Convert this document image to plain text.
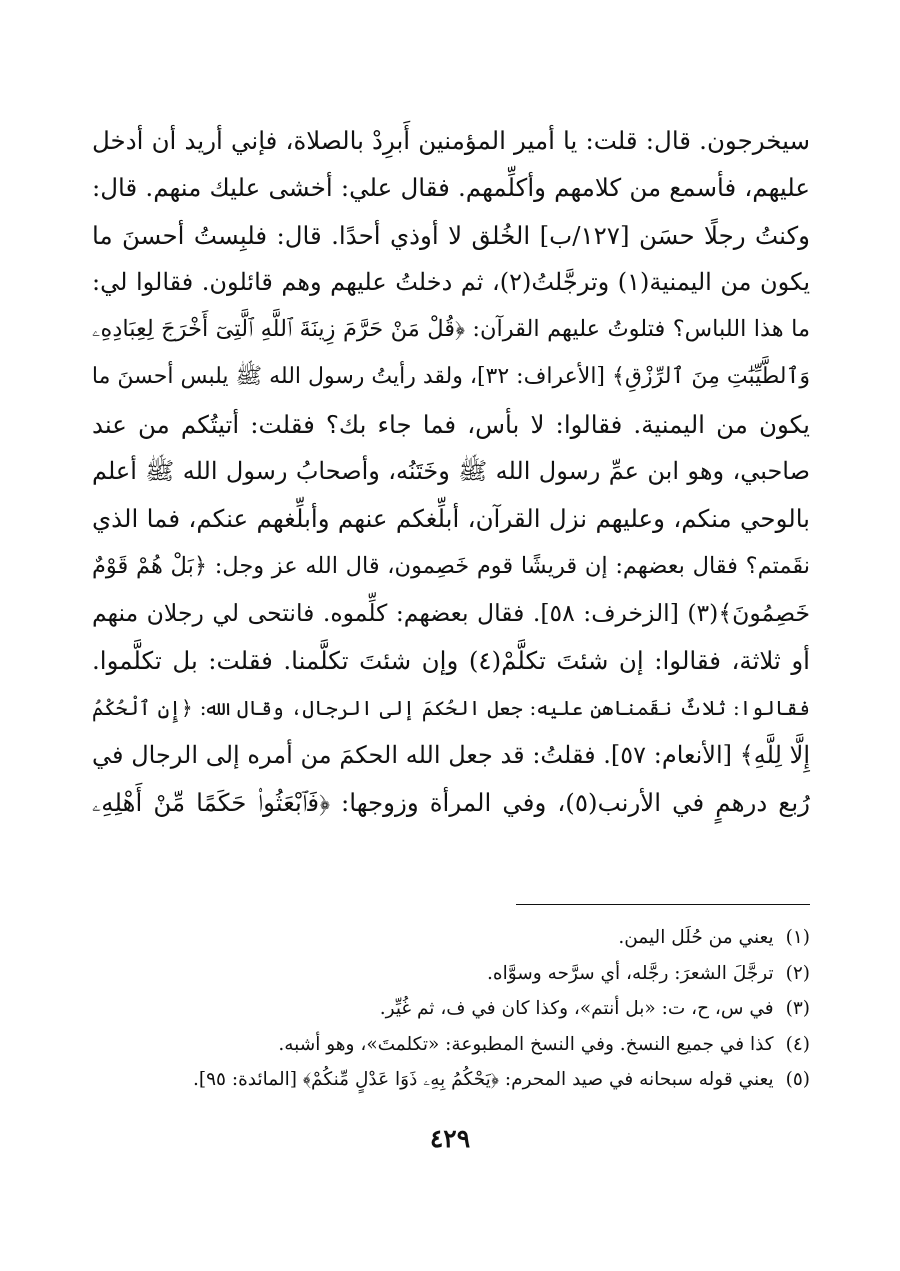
سيخرجون. قال: قلت: يا أمير المؤمنين أَبرِدْ بالصلاة، فإني أريد أن أدخل
عليهم، فأسمع من كلامهم وأكلِّمهم. فقال علي: أخشى عليك منهم. قال:
وكنتُ رجلًا حسَن [١٢٧/ب] الخُلق لا أوذي أحدًا. قال: فلبِستُ أحسنَ ما
يكون من اليمنية(١) وترجَّلتُ(٢)، ثم دخلتُ عليهم وهم قائلون. فقالوا لي:
ما هذا اللباس؟ فتلوتُ عليهم القرآن: ﴿قُلْ مَنْ حَرَّمَ زِينَةَ ٱللَّهِ ٱلَّتِىٓ أَخْرَجَ لِعِبَادِهِۦ
وَٱلطَّيِّبَٰتِ مِنَ ٱلرِّزْقِ﴾ [الأعراف: ٣٢]، ولقد رأيتُ رسول الله ﷺ يلبس أحسنَ ما
يكون من اليمنية. فقالوا: لا بأس، فما جاء بك؟ فقلت: أتيتُكم من عند
صاحبي، وهو ابن عمِّ رسول الله ﷺ وخَتَنُه، وأصحابُ رسول الله ﷺ أعلم
بالوحي منكم، وعليهم نزل القرآن، أبلِّغكم عنهم وأبلِّغهم عنكم، فما الذي
نقَمتم؟ فقال بعضهم: إن قريشًا قوم خَصِمون، قال الله عز وجل: ﴿بَلْ هُمْ قَوْمٌ
خَصِمُونَ﴾(٣) [الزخرف: ٥٨]. فقال بعضهم: كلِّموه. فانتحى لي رجلان منهم
أو ثلاثة، فقالوا: إن شئتَ تكلَّمْ(٤) وإن شئتَ تكلَّمنا. فقلت: بل تكلَّموا.
فقالوا: ثلاثٌ نقَمناهن عليه: جعل الحُكمَ إلى الرجال، وقال الله: ﴿إِنِ ٱلْحُكْمُ
إِلَّا لِلَّهِ﴾ [الأنعام: ٥٧]. فقلتُ: قد جعل الله الحكمَ من أمره إلى الرجال في
رُبع درهمٍ في الأرنب(٥)، وفي المرأة وزوجها: ﴿فَٱبْعَثُوا۟ حَكَمًا مِّنْ أَهْلِهِۦ
(١)يعني من حُلَل اليمن.
(٢)ترجَّلَ الشعرَ: رجَّله، أي سرَّحه وسوَّاه.
(٣)في س، ح، ت: «بل أنتم»، وكذا كان في ف، ثم غُيِّر.
(٤)كذا في جميع النسخ. وفي النسخ المطبوعة: «تكلمتَ»، وهو أشبه.
(٥)يعني قوله سبحانه في صيد المحرم: ﴿يَحْكُمُ بِهِۦ ذَوَا عَدْلٍ مِّنكُمْ﴾ [المائدة: ٩٥].
٤٢٩
